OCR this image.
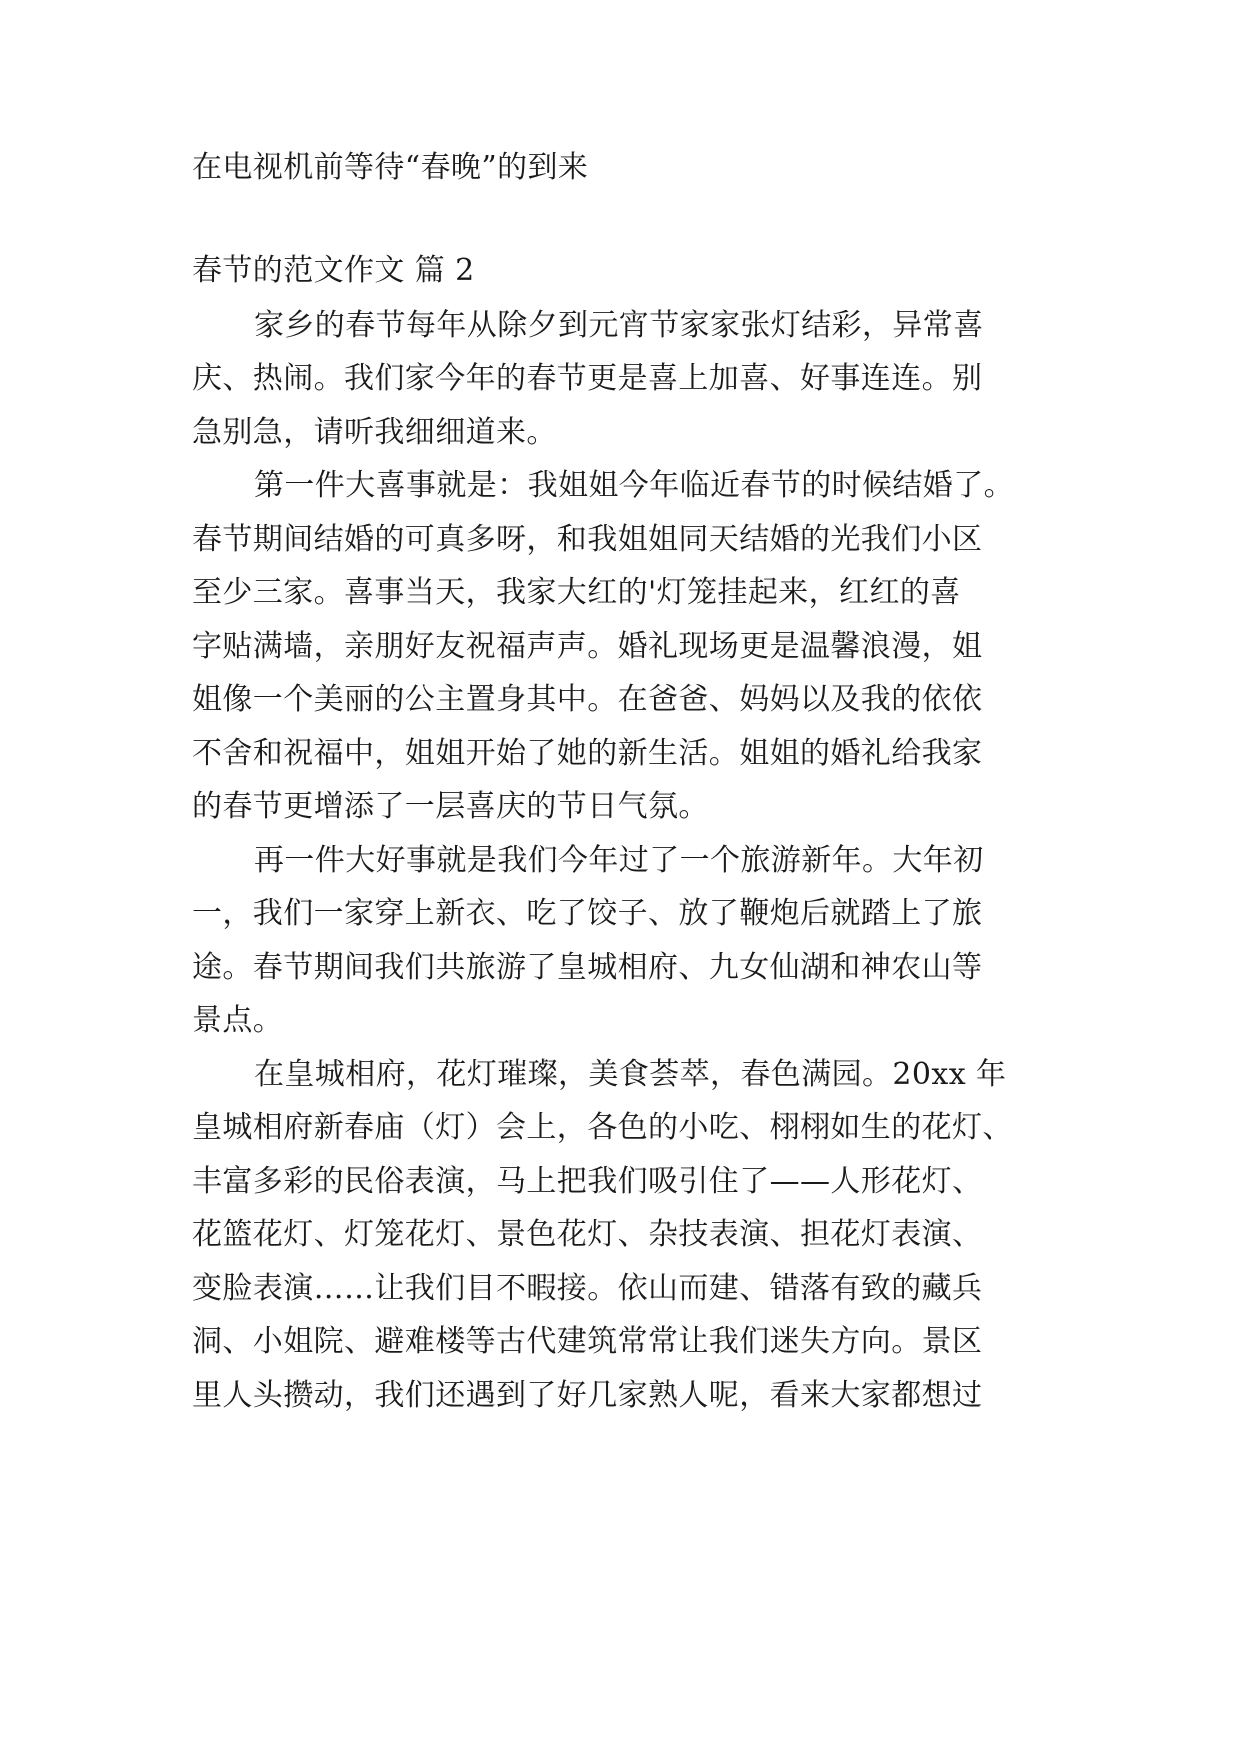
在电视机前等待“春晚”的到来
春节的范文作文 篇 2
家乡的春节每年从除夕到元宵节家家张灯结彩，异常喜
庆、热闹。我们家今年的春节更是喜上加喜、好事连连。别
急别急，请听我细细道来。
第一件大喜事就是：我姐姐今年临近春节的时候结婚了。
春节期间结婚的可真多呀，和我姐姐同天结婚的光我们小区
至少三家。喜事当天，我家大红的'灯笼挂起来，红红的喜
字贴满墙，亲朋好友祝福声声。婚礼现场更是温馨浪漫，姐
姐像一个美丽的公主置身其中。在爸爸、妈妈以及我的依依
不舍和祝福中，姐姐开始了她的新生活。姐姐的婚礼给我家
的春节更增添了一层喜庆的节日气氛。
再一件大好事就是我们今年过了一个旅游新年。大年初
一，我们一家穿上新衣、吃了饺子、放了鞭炮后就踏上了旅
途。春节期间我们共旅游了皇城相府、九女仙湖和神农山等
景点。
在皇城相府，花灯璀璨，美食荟萃，春色满园。20xx 年
皇城相府新春庙（灯）会上，各色的小吃、栩栩如生的花灯、
丰富多彩的民俗表演，马上把我们吸引住了——人形花灯、
花篮花灯、灯笼花灯、景色花灯、杂技表演、担花灯表演、
变脸表演……让我们目不暇接。依山而建、错落有致的藏兵
洞、小姐院、避难楼等古代建筑常常让我们迷失方向。景区
里人头攒动，我们还遇到了好几家熟人呢，看来大家都想过
